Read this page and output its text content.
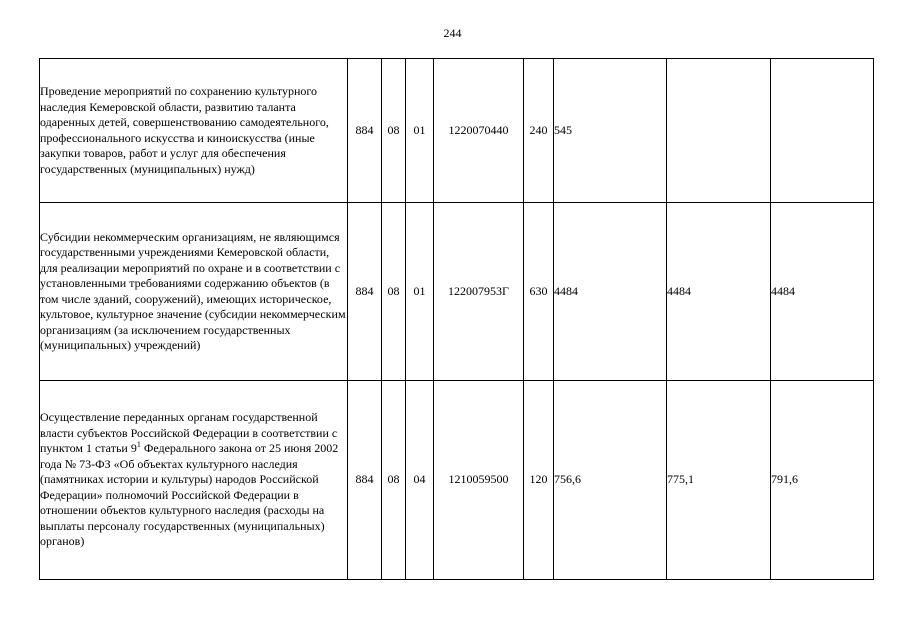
244
Проведение мероприятий по сохранению культурного наследия Кемеровской области, развитию таланта одаренных детей, совершенствованию самодеятельного, профессионального искусства и киноискусства (иные закупки товаров, работ и услуг для обеспечения государственных (муниципальных) нужд)	884	08	01	1220070440	240	545		
Субсидии некоммерческим организациям, не являющимся государственными учреждениями Кемеровской области, для реализации мероприятий по охране и в соответствии с установленными требованиями содержанию объектов (в том числе зданий, сооружений), имеющих историческое, культовое, культурное значение (субсидии некоммерческим организациям (за исключением государственных (муниципальных) учреждений)	884	08	01	122007953Г	630	4484	4484	4484
Осуществление переданных органам государственной власти субъектов Российской Федерации в соответствии с пунктом 1 статьи $9^1$ Федерального закона от 25 июня 2002 года № 73-ФЗ «Об объектах культурного наследия (памятниках истории и культуры) народов Российской Федерации» полномочий Российской Федерации в отношении объектов культурного наследия (расходы на выплаты персоналу государственных (муниципальных) органов)	884	08	04	1210059500	120	756,6	775,1	791,6
